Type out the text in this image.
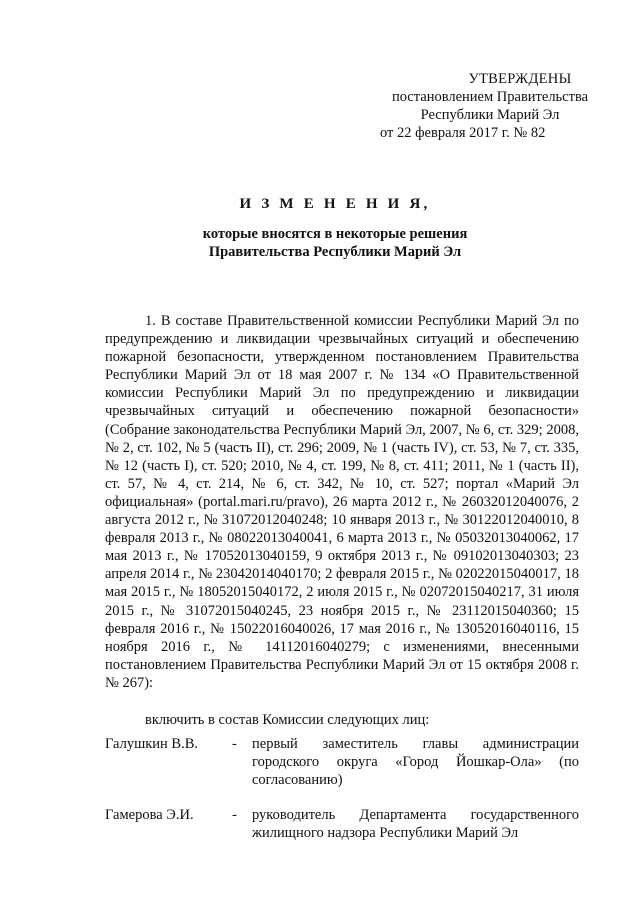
УТВЕРЖДЕНЫ
постановлением Правительства
Республики Марий Эл
от 22 февраля 2017 г. № 82
И З М Е Н Е Н И Я,
которые вносятся в некоторые решения
Правительства Республики Марий Эл

1. В составе Правительственной комиссии Республики Марий Эл по предупреждению и ликвидации чрезвычайных ситуаций и обеспечению пожарной безопасности, утвержденном постановлением Правительства Республики Марий Эл от 18 мая 2007 г. № 134 «О Правительственной комиссии Республики Марий Эл по предупреждению и ликвидации чрезвычайных ситуаций и обеспечению пожарной безопасности» (Собрание законодательства Республики Марий Эл, 2007, № 6, ст. 329; 2008, № 2, ст. 102, № 5 (часть II), ст. 296; 2009, № 1 (часть IV), ст. 53, № 7, ст. 335, № 12 (часть I), ст. 520; 2010, № 4, ст. 199, № 8, ст. 411; 2011, № 1 (часть II), ст. 57, № 4, ст. 214, № 6, ст. 342, № 10, ст. 527; портал «Марий Эл официальная» (portal.mari.ru/pravo), 26 марта 2012 г., № 26032012040076, 2 августа 2012 г., № 31072012040248; 10 января 2013 г., № 30122012040010, 8 февраля 2013 г., № 08022013040041, 6 марта 2013 г., № 05032013040062, 17 мая 2013 г., № 17052013040159, 9 октября 2013 г., № 09102013040303; 23 апреля 2014 г., № 23042014040170; 2 февраля 2015 г., № 02022015040017, 18 мая 2015 г., № 18052015040172, 2 июля 2015 г., № 02072015040217, 31 июля 2015 г., № 31072015040245, 23 ноября 2015 г., № 23112015040360; 15 февраля 2016 г., № 15022016040026, 17 мая 2016 г., № 13052016040116, 15 ноября 2016 г., № 14112016040279; с изменениями, внесенными постановлением Правительства Республики Марий Эл от 15 октября 2008 г. № 267):

включить в состав Комиссии следующих лиц:
Галушкин В.В.	-	первый заместитель главы администрации городского округа «Город Йошкар-Ола» (по согласованию)
Гамерова Э.И.	-	руководитель Департамента государственного жилищного надзора Республики Марий Эл
